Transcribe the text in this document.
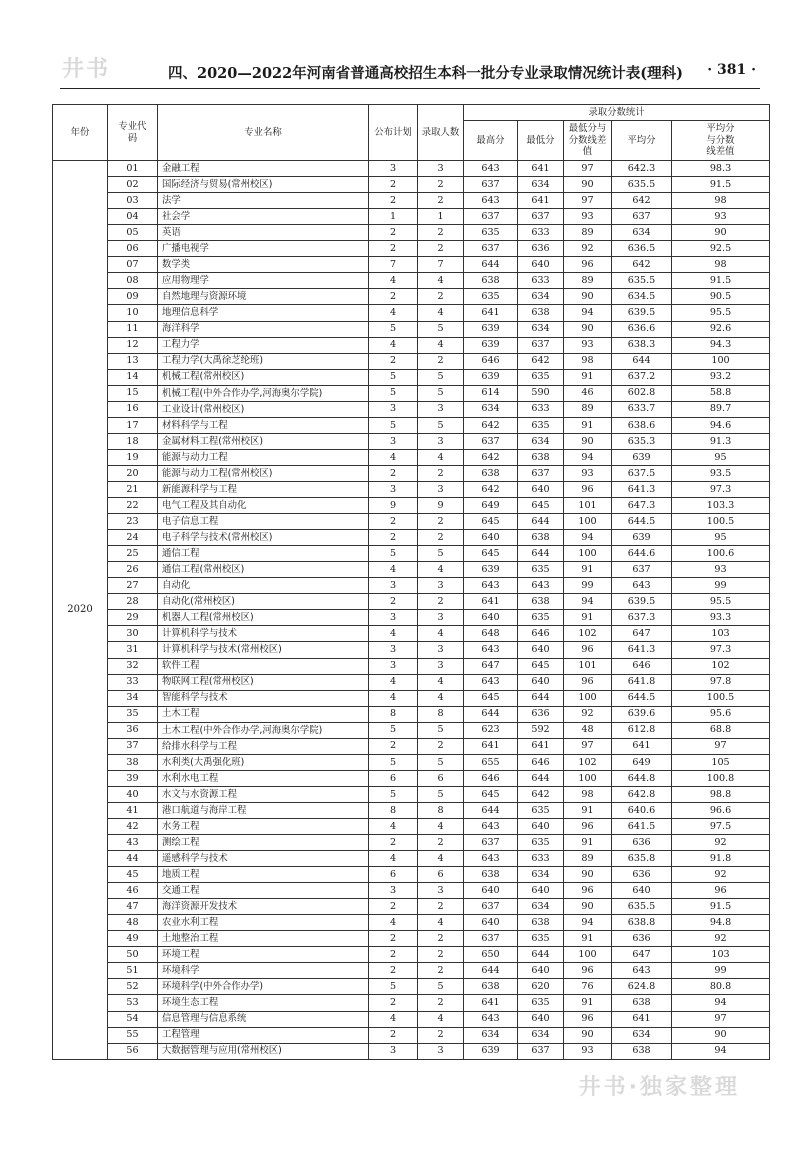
井书	四、2020—2022年河南省普通高校招生本科一批分专业录取情况统计表(理科) · 381 ·
年份	专业代码	专业名称	公布计划	录取人数	录取分数统计				
					最高分	最低分	最低分与分数线差值	平均分	平均分与分数线差值
2020	01	金融工程	3	3	643	641	97	642.3	98.3
	02	国际经济与贸易(常州校区)	2	2	637	634	90	635.5	91.5
	03	法学	2	2	643	641	97	642	98
	04	社会学	1	1	637	637	93	637	93
	05	英语	2	2	635	633	89	634	90
	06	广播电视学	2	2	637	636	92	636.5	92.5
	07	数学类	7	7	644	640	96	642	98
	08	应用物理学	4	4	638	633	89	635.5	91.5
	09	自然地理与资源环境	2	2	635	634	90	634.5	90.5
	10	地理信息科学	4	4	641	638	94	639.5	95.5
	11	海洋科学	5	5	639	634	90	636.6	92.6
	12	工程力学	4	4	639	637	93	638.3	94.3
	13	工程力学(大禹徐芝纶班)	2	2	646	642	98	644	100
	14	机械工程(常州校区)	5	5	639	635	91	637.2	93.2
	15	机械工程(中外合作办学,河海奥尔学院)	5	5	614	590	46	602.8	58.8
	16	工业设计(常州校区)	3	3	634	633	89	633.7	89.7
	17	材料科学与工程	5	5	642	635	91	638.6	94.6
	18	金属材料工程(常州校区)	3	3	637	634	90	635.3	91.3
	19	能源与动力工程	4	4	642	638	94	639	95
	20	能源与动力工程(常州校区)	2	2	638	637	93	637.5	93.5
	21	新能源科学与工程	3	3	642	640	96	641.3	97.3
	22	电气工程及其自动化	9	9	649	645	101	647.3	103.3
	23	电子信息工程	2	2	645	644	100	644.5	100.5
	24	电子科学与技术(常州校区)	2	2	640	638	94	639	95
	25	通信工程	5	5	645	644	100	644.6	100.6
	26	通信工程(常州校区)	4	4	639	635	91	637	93
	27	自动化	3	3	643	643	99	643	99
	28	自动化(常州校区)	2	2	641	638	94	639.5	95.5
	29	机器人工程(常州校区)	3	3	640	635	91	637.3	93.3
	30	计算机科学与技术	4	4	648	646	102	647	103
	31	计算机科学与技术(常州校区)	3	3	643	640	96	641.3	97.3
	32	软件工程	3	3	647	645	101	646	102
	33	物联网工程(常州校区)	4	4	643	640	96	641.8	97.8
	34	智能科学与技术	4	4	645	644	100	644.5	100.5
	35	土木工程	8	8	644	636	92	639.6	95.6
	36	土木工程(中外合作办学,河海奥尔学院)	5	5	623	592	48	612.8	68.8
	37	给排水科学与工程	2	2	641	641	97	641	97
	38	水利类(大禹强化班)	5	5	655	646	102	649	105
	39	水利水电工程	6	6	646	644	100	644.8	100.8
	40	水文与水资源工程	5	5	645	642	98	642.8	98.8
	41	港口航道与海岸工程	8	8	644	635	91	640.6	96.6
	42	水务工程	4	4	643	640	96	641.5	97.5
	43	测绘工程	2	2	637	635	91	636	92
	44	遥感科学与技术	4	4	643	633	89	635.8	91.8
	45	地质工程	6	6	638	634	90	636	92
	46	交通工程	3	3	640	640	96	640	96
	47	海洋资源开发技术	2	2	637	634	90	635.5	91.5
	48	农业水利工程	4	4	640	638	94	638.8	94.8
	49	土地整治工程	2	2	637	635	91	636	92
	50	环境工程	2	2	650	644	100	647	103
	51	环境科学	2	2	644	640	96	643	99
	52	环境科学(中外合作办学)	5	5	638	620	76	624.8	80.8
	53	环境生态工程	2	2	641	635	91	638	94
	54	信息管理与信息系统	4	4	643	640	96	641	97
	55	工程管理	2	2	634	634	90	634	90
	56	大数据管理与应用(常州校区)	3	3	639	637	93	638	94
井书·独家整理
